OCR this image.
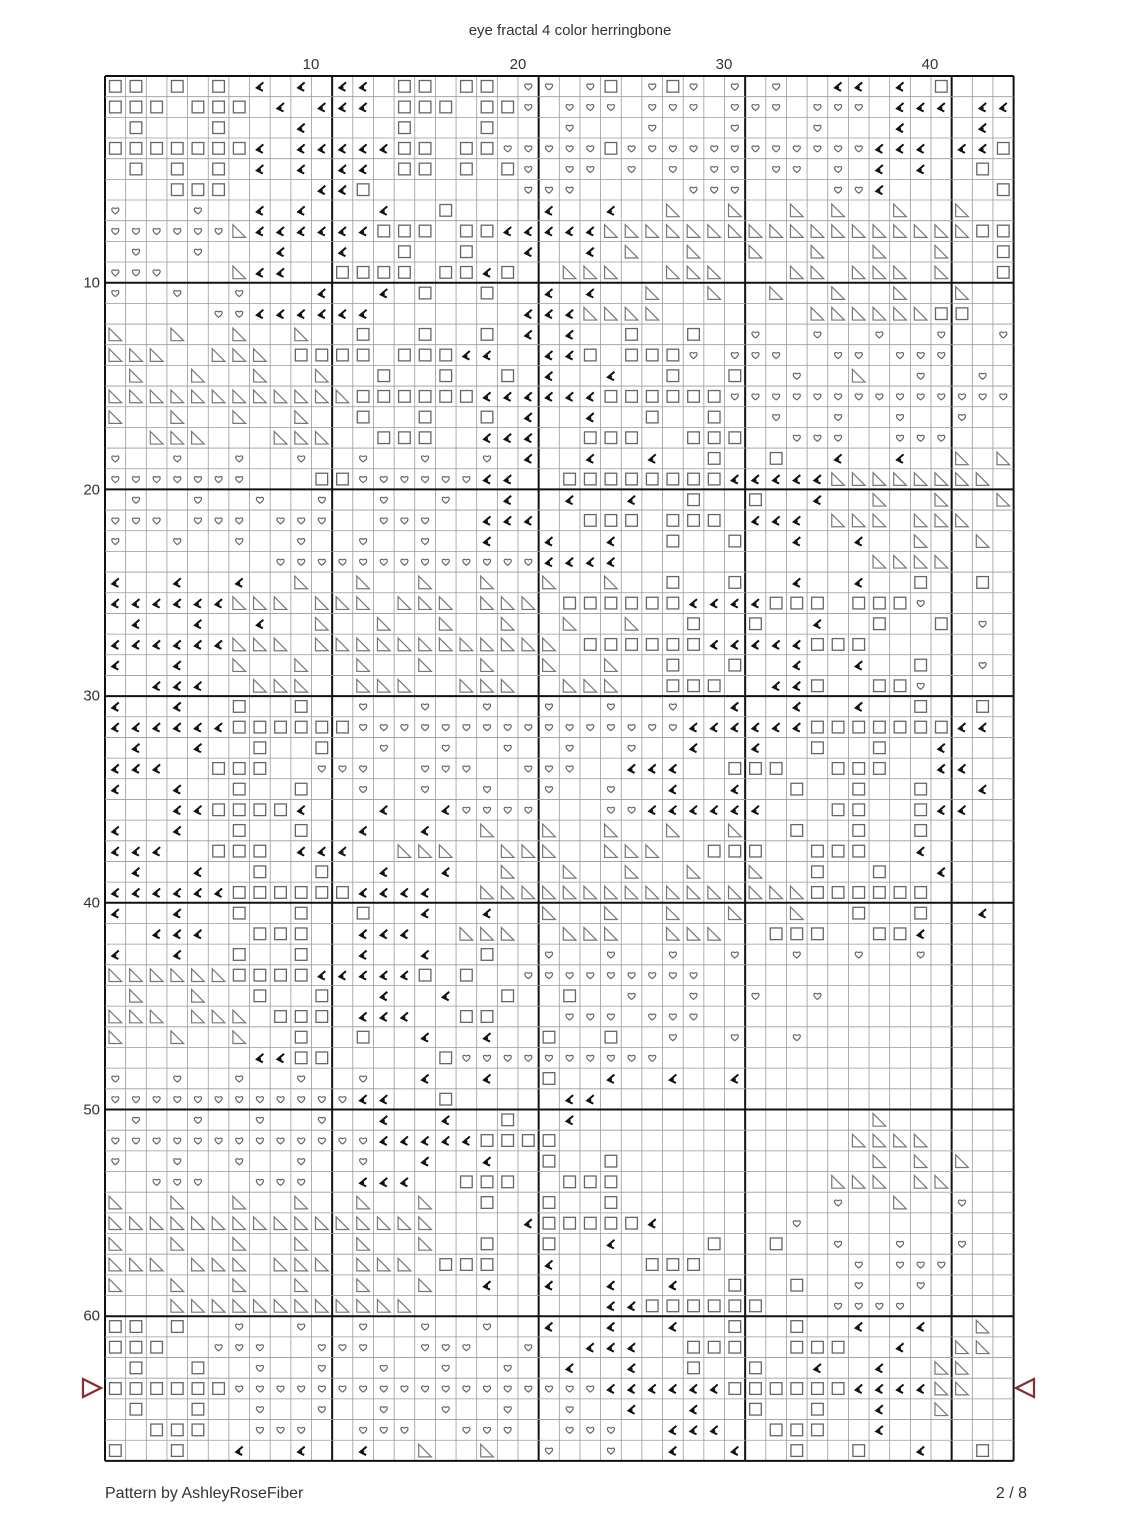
eye fractal 4 color herringbone
10	20	30	40
10
20
30
40
50
60
Pattern by AshleyRoseFiber	2 / 8
